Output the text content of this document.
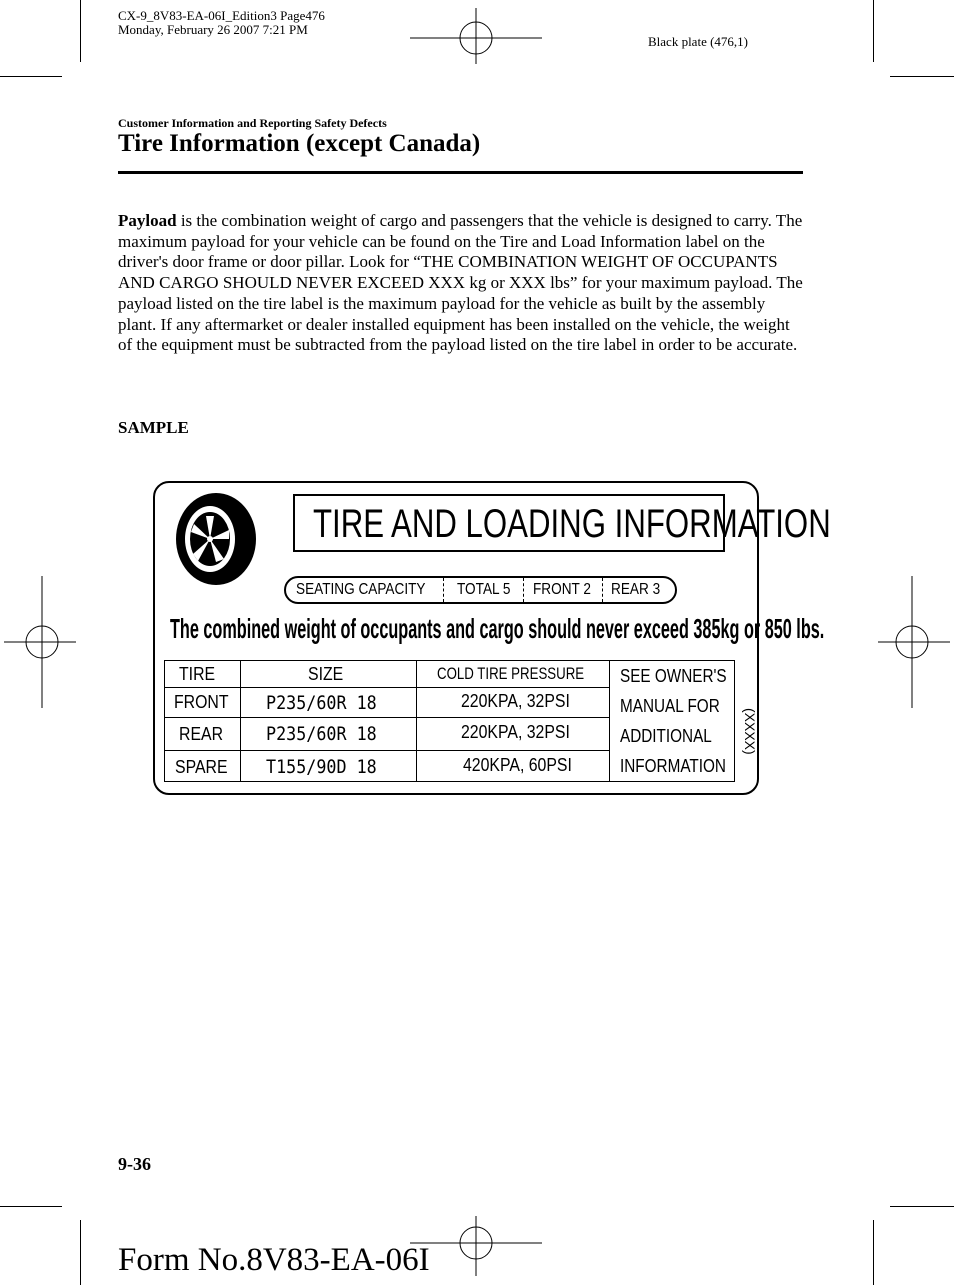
CX-9_8V83-EA-06I_Edition3 Page476
Monday, February 26 2007 7:21 PM
Black plate (476,1)
Customer Information and Reporting Safety Defects
Tire Information (except Canada)
Payload is the combination weight of cargo and passengers that the vehicle is designed to carry. The maximum payload for your vehicle can be found on the Tire and Load Information label on the driver's door frame or door pillar. Look for “THE COMBINATION WEIGHT OF OCCUPANTS AND CARGO SHOULD NEVER EXCEED XXX kg or XXX lbs” for your maximum payload. The payload listed on the tire label is the maximum payload for the vehicle as built by the assembly plant. If any aftermarket or dealer installed equipment has been installed on the vehicle, the weight of the equipment must be subtracted from the payload listed on the tire label in order to be accurate.
SAMPLE
TIRE AND LOADING INFORMATION
SEATING CAPACITY TOTAL 5 FRONT 2 REAR 3
The combined weight of occupants and cargo should never exceed 385kg or 850 lbs.
TIRE	SIZE	COLD TIRE PRESSURE
FRONT P235/60R 18	220KPA, 32PSI
REAR P235/60R 18	220KPA, 32PSI
SPARE T155/90D 18	420KPA, 60PSI
SEE OWNER'S
MANUAL FOR
ADDITIONAL
INFORMATION
(XXXX)
9-36
Form No.8V83-EA-06I
